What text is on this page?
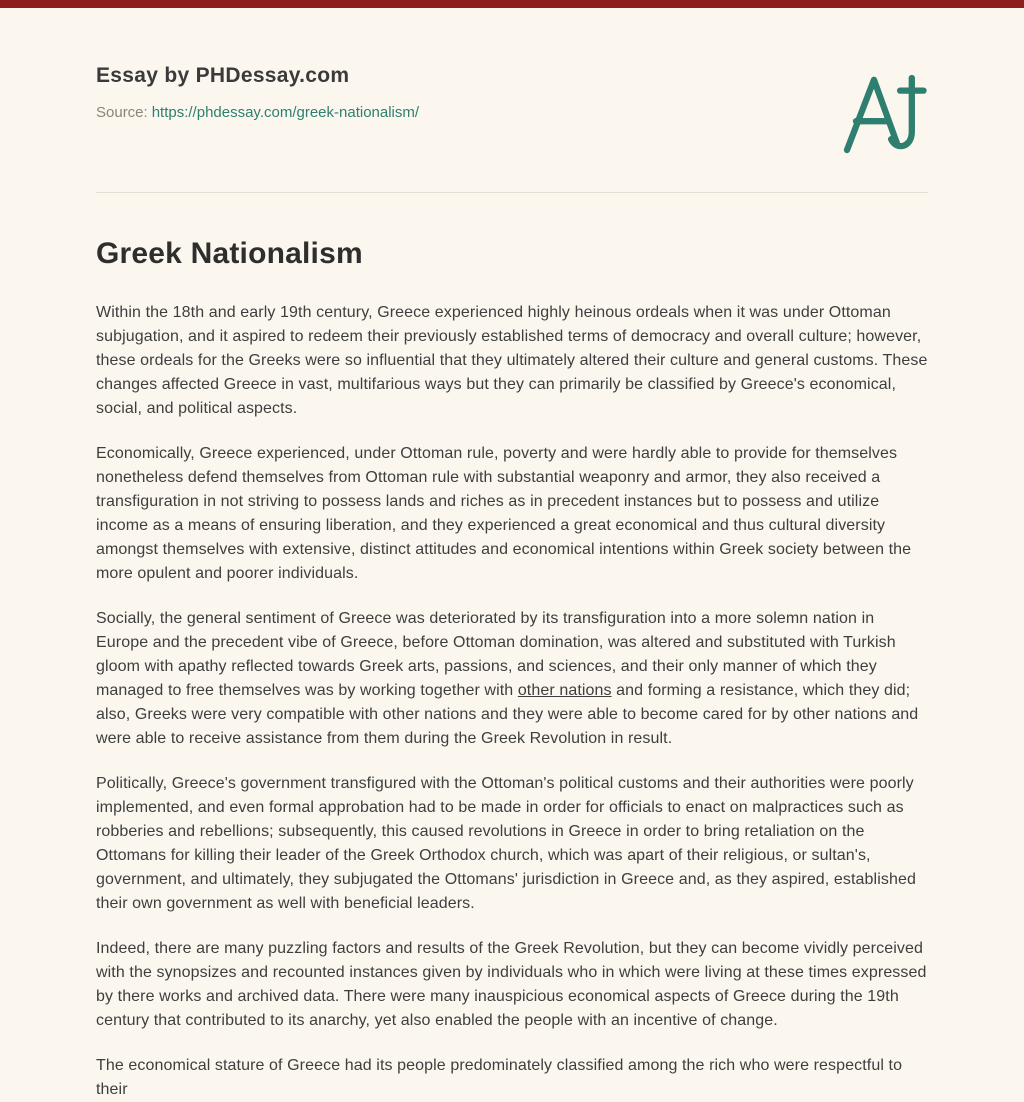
Essay by PHDessay.com

Source: https://phdessay.com/greek-nationalism/

Greek Nationalism

Within the 18th and early 19th century, Greece experienced highly heinous ordeals when it was under Ottoman subjugation, and it aspired to redeem their previously established terms of democracy and overall culture; however, these ordeals for the Greeks were so influential that they ultimately altered their culture and general customs. These changes affected Greece in vast, multifarious ways but they can primarily be classified by Greece's economical, social, and political aspects.

Economically, Greece experienced, under Ottoman rule, poverty and were hardly able to provide for themselves nonetheless defend themselves from Ottoman rule with substantial weaponry and armor, they also received a transfiguration in not striving to possess lands and riches as in precedent instances but to possess and utilize income as a means of ensuring liberation, and they experienced a great economical and thus cultural diversity amongst themselves with extensive, distinct attitudes and economical intentions within Greek society between the more opulent and poorer individuals.

Socially, the general sentiment of Greece was deteriorated by its transfiguration into a more solemn nation in Europe and the precedent vibe of Greece, before Ottoman domination, was altered and substituted with Turkish gloom with apathy reflected towards Greek arts, passions, and sciences, and their only manner of which they managed to free themselves was by working together with other nations and forming a resistance, which they did; also, Greeks were very compatible with other nations and they were able to become cared for by other nations and were able to receive assistance from them during the Greek Revolution in result.

Politically, Greece's government transfigured with the Ottoman's political customs and their authorities were poorly implemented, and even formal approbation had to be made in order for officials to enact on malpractices such as robberies and rebellions; subsequently, this caused revolutions in Greece in order to bring retaliation on the Ottomans for killing their leader of the Greek Orthodox church, which was apart of their religious, or sultan's, government, and ultimately, they subjugated the Ottomans' jurisdiction in Greece and, as they aspired, established their own government as well with beneficial leaders.

Indeed, there are many puzzling factors and results of the Greek Revolution, but they can become vividly perceived with the synopsizes and recounted instances given by individuals who in which were living at these times expressed by there works and archived data. There were many inauspicious economical aspects of Greece during the 19th century that contributed to its anarchy, yet also enabled the people with an incentive of change.

The economical stature of Greece had its people predominately classified among the rich who were respectful to their
